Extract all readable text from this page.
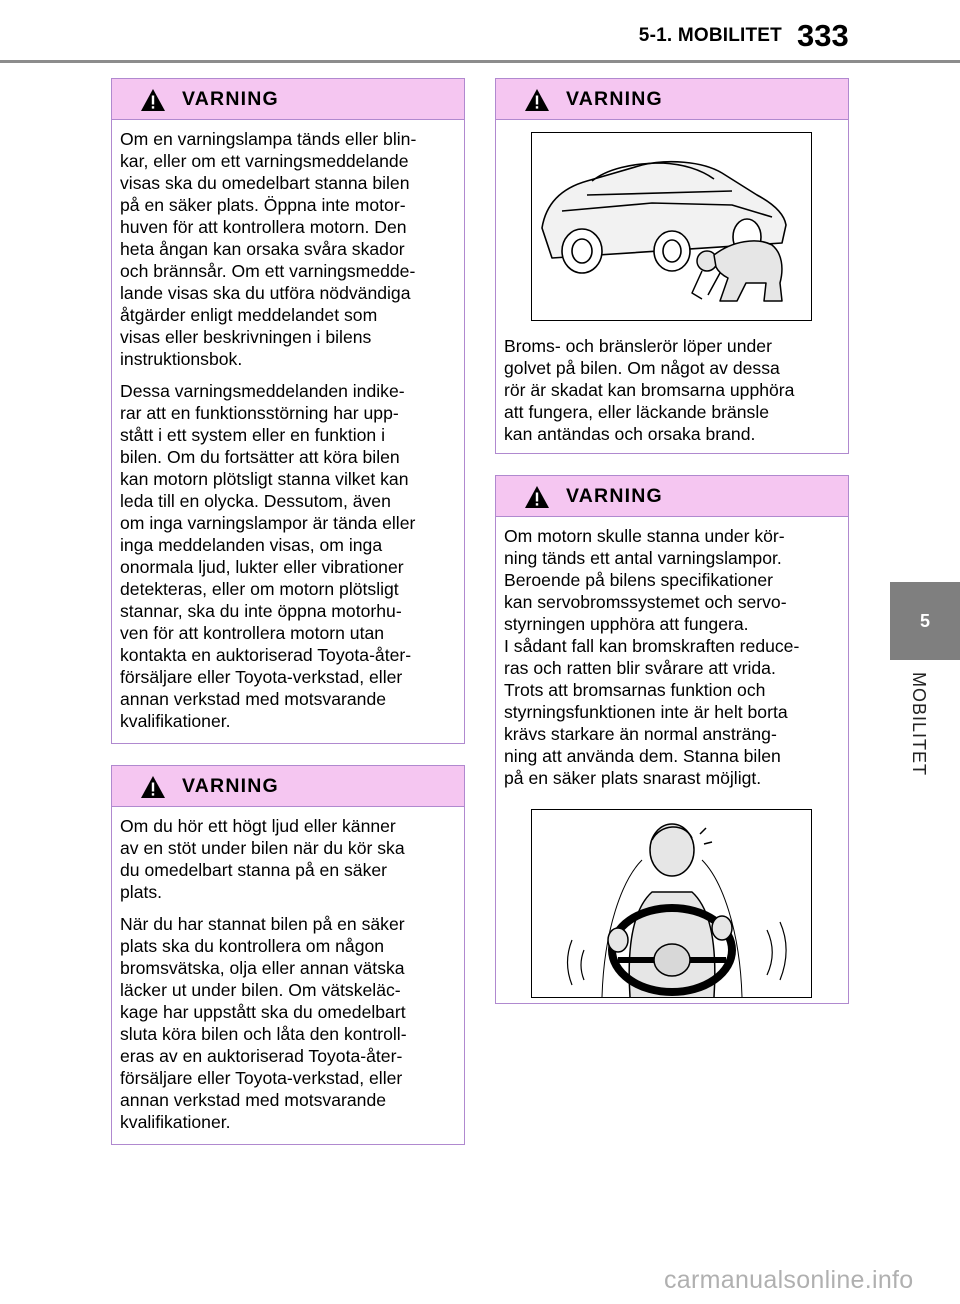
5-1. MOBILITET 333
5
MOBILITET
VARNING

Om en varningslampa tänds eller blin-
kar, eller om ett varningsmeddelande
visas ska du omedelbart stanna bilen
på en säker plats. Öppna inte motor-
huven för att kontrollera motorn. Den
heta ångan kan orsaka svåra skador
och brännsår. Om ett varningsmedde-
lande visas ska du utföra nödvändiga
åtgärder enligt meddelandet som
visas eller beskrivningen i bilens
instruktionsbok.

Dessa varningsmeddelanden indike-
rar att en funktionsstörning har upp-
stått i ett system eller en funktion i
bilen. Om du fortsätter att köra bilen
kan motorn plötsligt stanna vilket kan
leda till en olycka. Dessutom, även
om inga varningslampor är tända eller
inga meddelanden visas, om inga
onormala ljud, lukter eller vibrationer
detekteras, eller om motorn plötsligt
stannar, ska du inte öppna motorhu-
ven för att kontrollera motorn utan
kontakta en auktoriserad Toyota-åter-
försäljare eller Toyota-verkstad, eller
annan verkstad med motsvarande
kvalifikationer.

VARNING

Om du hör ett högt ljud eller känner
av en stöt under bilen när du kör ska
du omedelbart stanna på en säker
plats.

När du har stannat bilen på en säker
plats ska du kontrollera om någon
bromsvätska, olja eller annan vätska
läcker ut under bilen. Om vätskeläc-
kage har uppstått ska du omedelbart
sluta köra bilen och låta den kontroll-
eras av en auktoriserad Toyota-åter-
försäljare eller Toyota-verkstad, eller
annan verkstad med motsvarande
kvalifikationer.

VARNING

Broms- och bränslerör löper under
golvet på bilen. Om något av dessa
rör är skadat kan bromsarna upphöra
att fungera, eller läckande bränsle
kan antändas och orsaka brand.

VARNING

Om motorn skulle stanna under kör-
ning tänds ett antal varningslampor.
Beroende på bilens specifikationer
kan servobromssystemet och servo-
styrningen upphöra att fungera.
I sådant fall kan bromskraften reduce-
ras och ratten blir svårare att vrida.
Trots att bromsarnas funktion och
styrningsfunktionen inte är helt borta
krävs starkare än normal ansträng-
ning att använda dem. Stanna bilen
på en säker plats snarast möjligt.

carmanualsonline.info
